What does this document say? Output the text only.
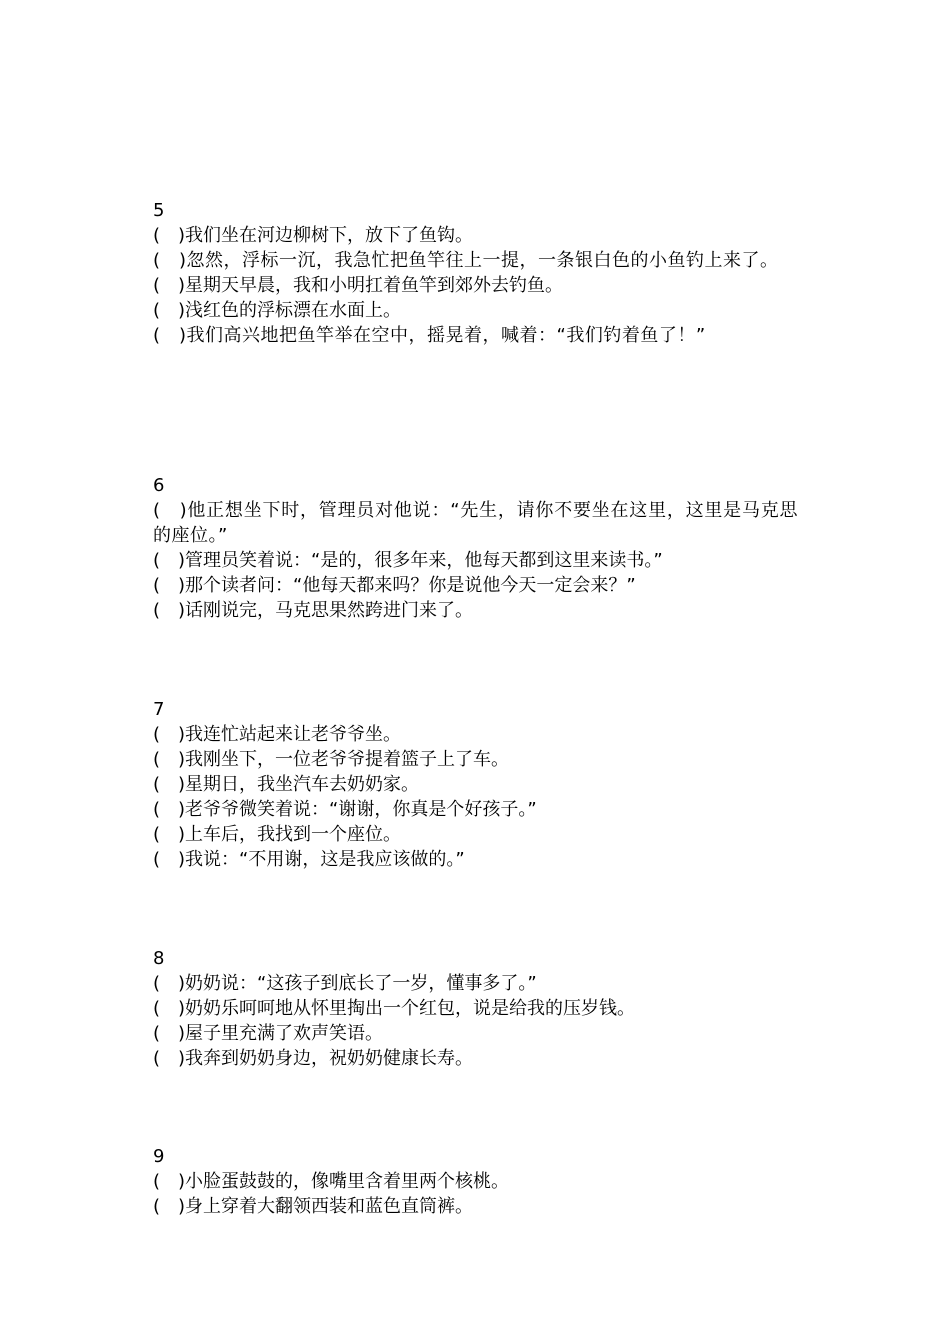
5
(　)我们坐在河边柳树下，放下了鱼钩。
(　)忽然，浮标一沉，我急忙把鱼竿往上一提，一条银白色的小鱼钓上来了。
(　)星期天早晨，我和小明扛着鱼竿到郊外去钓鱼。
(　)浅红色的浮标漂在水面上。
(　)我们高兴地把鱼竿举在空中，摇晃着，喊着：“我们钓着鱼了！”
6
(　)他正想坐下时，管理员对他说：“先生，请你不要坐在这里，这里是马克思的座位。”
(　)管理员笑着说：“是的，很多年来，他每天都到这里来读书。”
(　)那个读者问：“他每天都来吗？你是说他今天一定会来？”
(　)话刚说完，马克思果然跨进门来了。
7
(　)我连忙站起来让老爷爷坐。
(　)我刚坐下，一位老爷爷提着篮子上了车。
(　)星期日，我坐汽车去奶奶家。
(　)老爷爷微笑着说：“谢谢，你真是个好孩子。”
(　)上车后，我找到一个座位。
(　)我说：“不用谢，这是我应该做的。”
8
(　)奶奶说：“这孩子到底长了一岁，懂事多了。”
(　)奶奶乐呵呵地从怀里掏出一个红包，说是给我的压岁钱。
(　)屋子里充满了欢声笑语。
(　)我奔到奶奶身边，祝奶奶健康长寿。
9
(　)小脸蛋鼓鼓的，像嘴里含着里两个核桃。
(　)身上穿着大翻领西装和蓝色直筒裤。
